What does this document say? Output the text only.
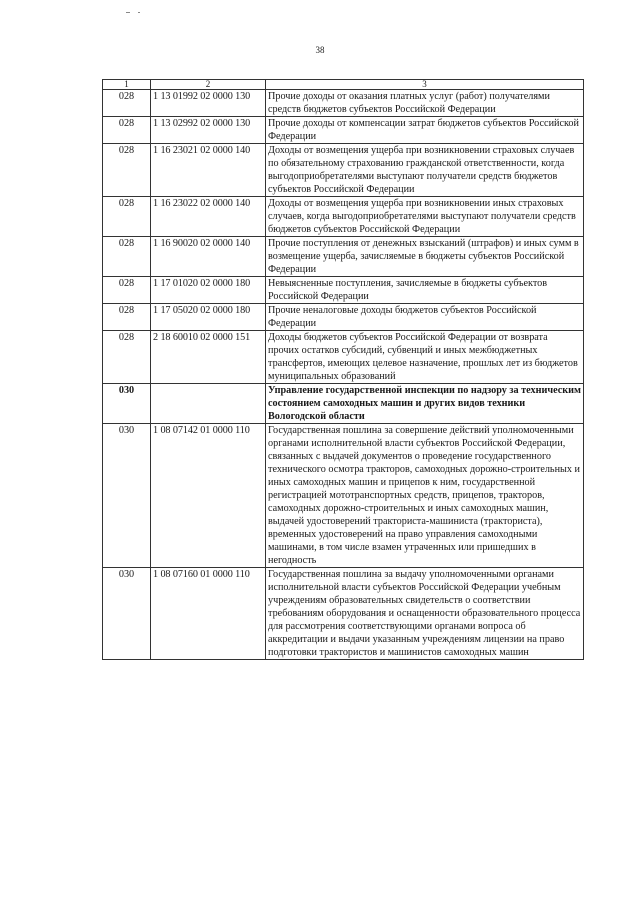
38
1	2	3
028	1 13 01992 02 0000 130	Прочие доходы от оказания платных услуг (работ) получателями средств бюджетов субъектов Российской Федерации
028	1 13 02992 02 0000 130	Прочие доходы от компенсации затрат бюджетов субъектов Российской Федерации
028	1 16 23021 02 0000 140	Доходы от возмещения ущерба при возникновении страховых случаев по обязательному страхованию гражданской ответственности, когда выгодоприобретателями выступают получатели средств бюджетов субъектов Российской Федерации
028	1 16 23022 02 0000 140	Доходы от возмещения ущерба при возникновении иных страховых случаев, когда выгодоприобретателями выступают получатели средств бюджетов субъектов Российской Федерации
028	1 16 90020 02 0000 140	Прочие поступления от денежных взысканий (штрафов) и иных сумм в возмещение ущерба, зачисляемые в бюджеты субъектов Российской Федерации
028	1 17 01020 02 0000 180	Невыясненные поступления, зачисляемые в бюджеты субъектов Российской Федерации
028	1 17 05020 02 0000 180	Прочие неналоговые доходы бюджетов субъектов Российской Федерации
028	2 18 60010 02 0000 151	Доходы бюджетов субъектов Российской Федерации от возврата прочих остатков субсидий, субвенций и иных межбюджетных трансфертов, имеющих целевое назначение, прошлых лет из бюджетов муниципальных образований
030		Управление государственной инспекции по надзору за техническим состоянием самоходных машин и других видов техники Вологодской области
030	1 08 07142 01 0000 110	Государственная пошлина за совершение действий уполномоченными органами исполнительной власти субъектов Российской Федерации, связанных с выдачей документов о проведение государственного технического осмотра тракторов, самоходных дорожно-строительных и иных самоходных машин и прицепов к ним, государственной регистрацией мототранспортных средств, прицепов, тракторов, самоходных дорожно-строительных и иных самоходных машин, выдачей удостоверений тракториста-машиниста (тракториста), временных удостоверений на право управления самоходными машинами, в том числе взамен утраченных или пришедших в негодность
030	1 08 07160 01 0000 110	Государственная пошлина за выдачу уполномоченными органами исполнительной власти субъектов Российской Федерации учебным учреждениям образовательных свидетельств о соответствии требованиям оборудования и оснащенности образовательного процесса для рассмотрения соответствующими органами вопроса об аккредитации и выдачи указанным учреждениям лицензии на право подготовки трактористов и машинистов самоходных машин
